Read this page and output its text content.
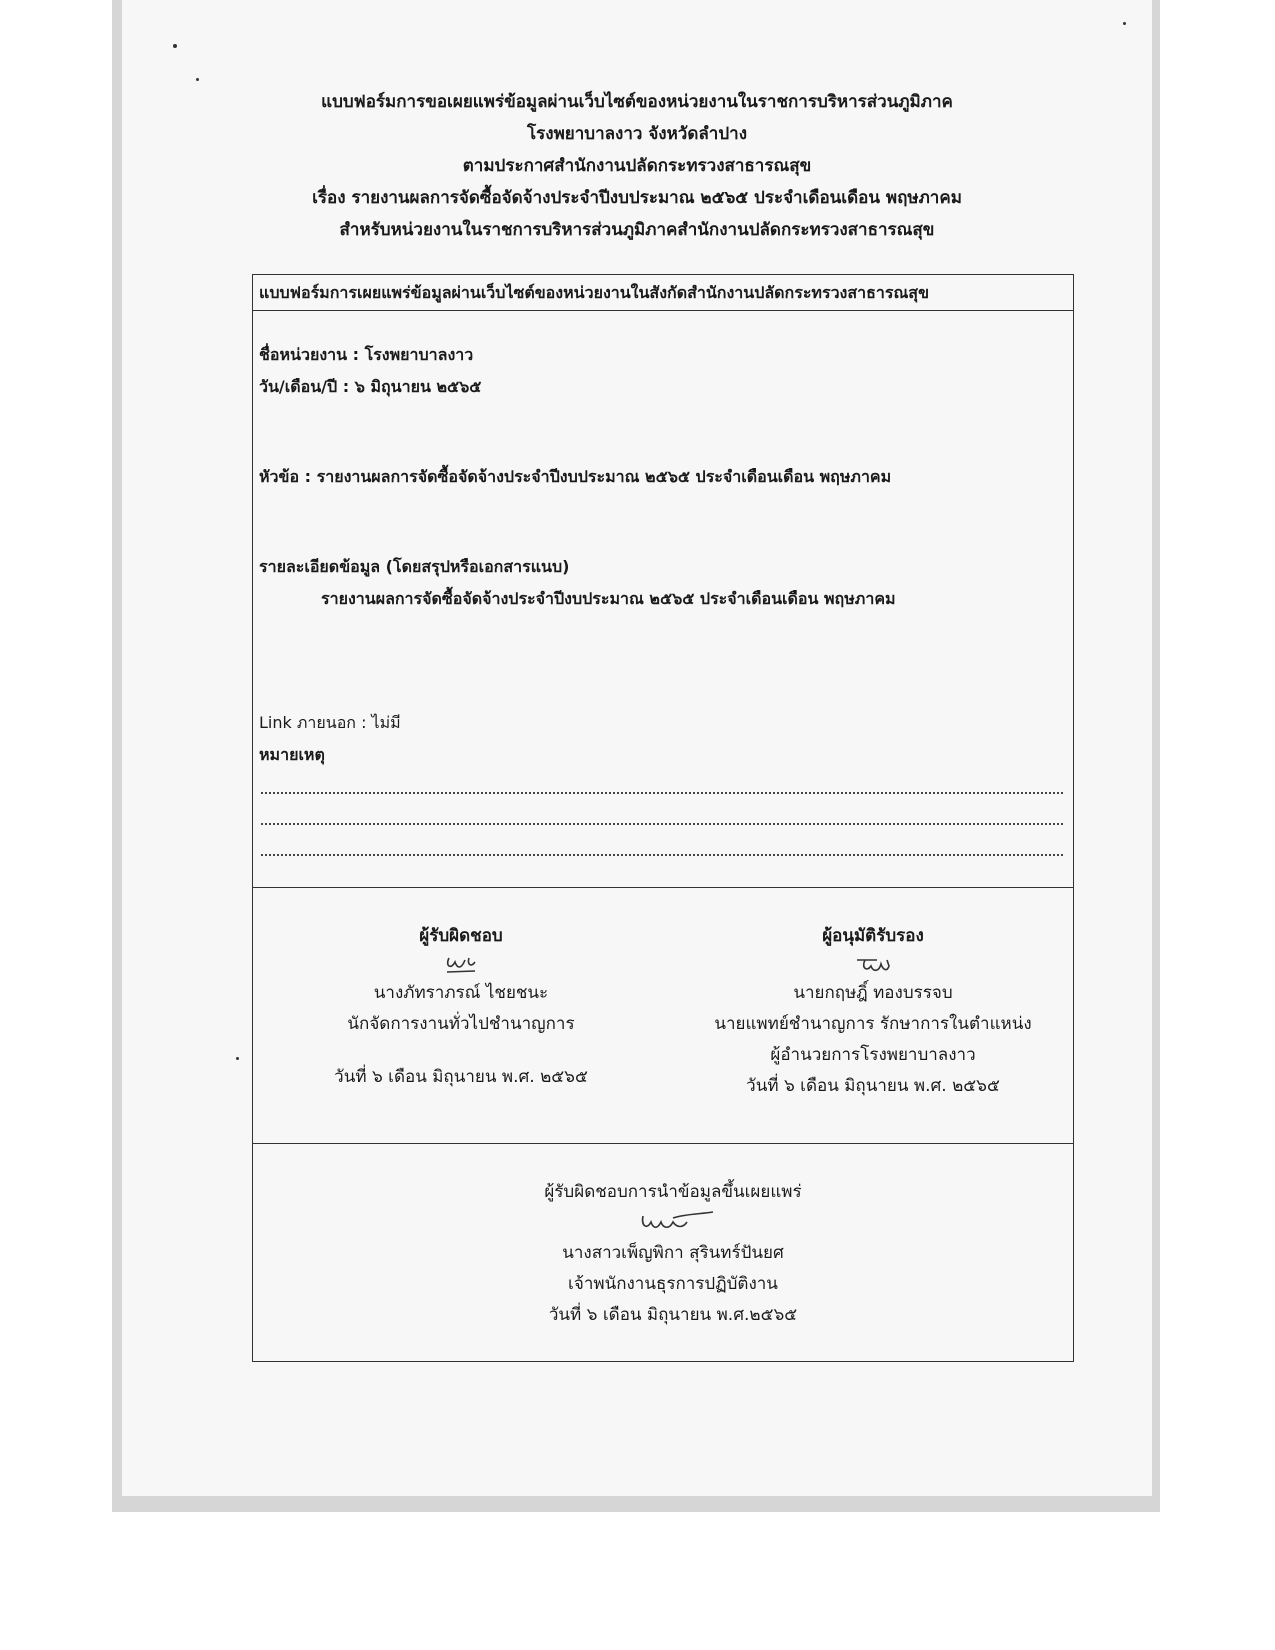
แบบฟอร์มการขอเผยแพร่ข้อมูลผ่านเว็บไซต์ของหน่วยงานในราชการบริหารส่วนภูมิภาค
โรงพยาบาลงาว จังหวัดลำปาง
ตามประกาศสำนักงานปลัดกระทรวงสาธารณสุข
เรื่อง รายงานผลการจัดซื้อจัดจ้างประจำปีงบประมาณ ๒๕๖๕ ประจำเดือนเดือน พฤษภาคม
สำหรับหน่วยงานในราชการบริหารส่วนภูมิภาคสำนักงานปลัดกระทรวงสาธารณสุข
แบบฟอร์มการเผยแพร่ข้อมูลผ่านเว็บไซต์ของหน่วยงานในสังกัดสำนักงานปลัดกระทรวงสาธารณสุข
ชื่อหน่วยงาน : โรงพยาบาลงาว
วัน/เดือน/ปี : ๖ มิถุนายน ๒๕๖๕
หัวข้อ : รายงานผลการจัดซื้อจัดจ้างประจำปีงบประมาณ ๒๕๖๕ ประจำเดือนเดือน พฤษภาคม
รายละเอียดข้อมูล (โดยสรุปหรือเอกสารแนบ)
รายงานผลการจัดซื้อจัดจ้างประจำปีงบประมาณ ๒๕๖๕ ประจำเดือนเดือน พฤษภาคม
Link ภายนอก : ไม่มี
หมายเหตุ
ผู้รับผิดชอบ
นางภัทราภรณ์ ไชยชนะ
นักจัดการงานทั่วไปชำนาญการ
วันที่ ๖ เดือน มิถุนายน พ.ศ. ๒๕๖๕
ผู้อนุมัติรับรอง
นายกฤษฎิ์ ทองบรรจบ
นายแพทย์ชำนาญการ รักษาการในตำแหน่ง
ผู้อำนวยการโรงพยาบาลงาว
วันที่ ๖ เดือน มิถุนายน พ.ศ. ๒๕๖๕
ผู้รับผิดชอบการนำข้อมูลขึ้นเผยแพร่
นางสาวเพ็ญพิกา สุรินทร์ปันยศ
เจ้าพนักงานธุรการปฏิบัติงาน
วันที่ ๖ เดือน มิถุนายน พ.ศ.๒๕๖๕
